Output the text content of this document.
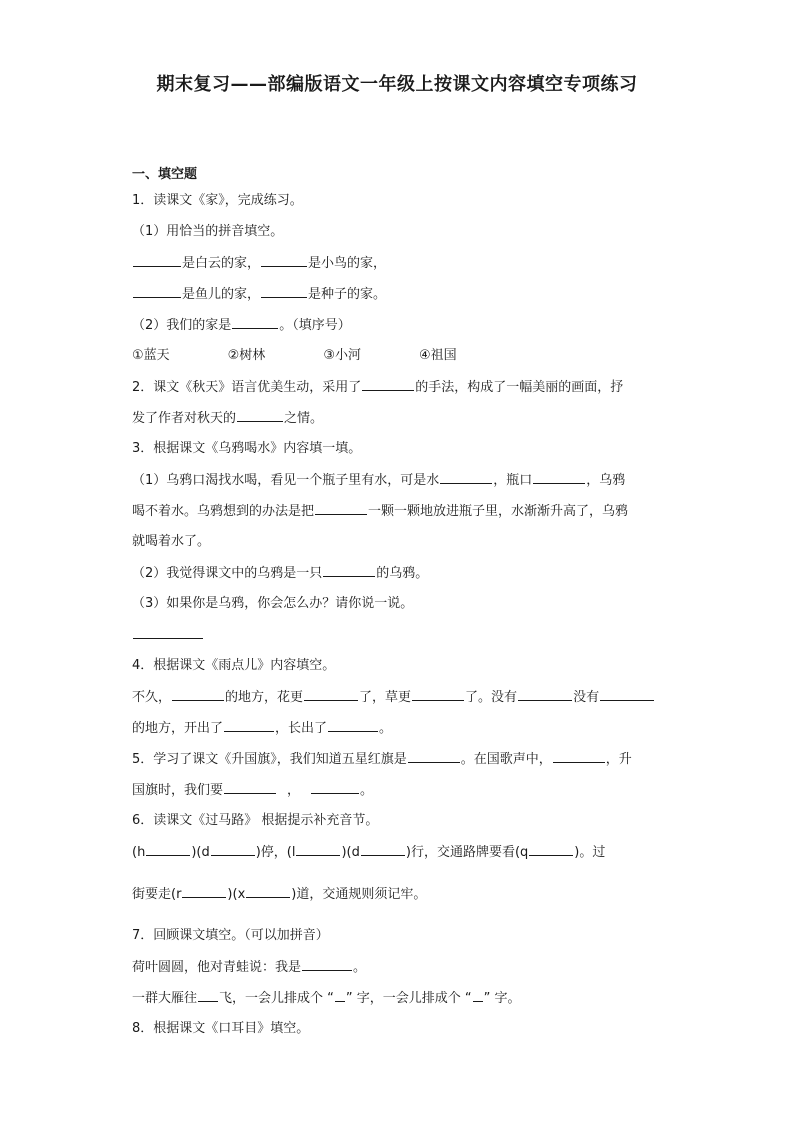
期末复习——部编版语文一年级上按课文内容填空专项练习
一、填空题
1．读课文《家》，完成练习。
（1）用恰当的拼音填空。
是白云的家，	是小鸟的家，
是鱼儿的家，	是种子的家。
（2）我们的家是	。（填序号）
①蓝天	②树林	③小河	④祖国
2．课文《秋天》语言优美生动，采用了	的手法，构成了一幅美丽的画面，抒
发了作者对秋天的	之情。
3．根据课文《乌鸦喝水》内容填一填。
（1）乌鸦口渴找水喝，看见一个瓶子里有水，可是水	，瓶口	，乌鸦
喝不着水。乌鸦想到的办法是把	一颗一颗地放进瓶子里，水渐渐升高了，乌鸦
就喝着水了。
（2）我觉得课文中的乌鸦是一只	的乌鸦。
（3）如果你是乌鸦，你会怎么办？请你说一说。
4．根据课文《雨点儿》内容填空。
不久，	的地方，花更	了，草更	了。没有	没有
的地方，开出了	，长出了	。
5．学习了课文《升国旗》，我们知道五星红旗是	。在国歌声中，	，升
国旗时，我们要	，	。
6．读课文《过马路》 根据提示补充音节。
(h	)(d	)停，(l	)(d	)行，交通路牌要看(q	)。过
街要走(r	)(x	)道，交通规则须记牢。
7．回顾课文填空。（可以加拼音）
荷叶圆圆，他对青蛙说：我是	。
一群大雁往 飞，一会儿排成个 “ ” 字，一会儿排成个 “ ” 字。
8．根据课文《口耳目》填空。
